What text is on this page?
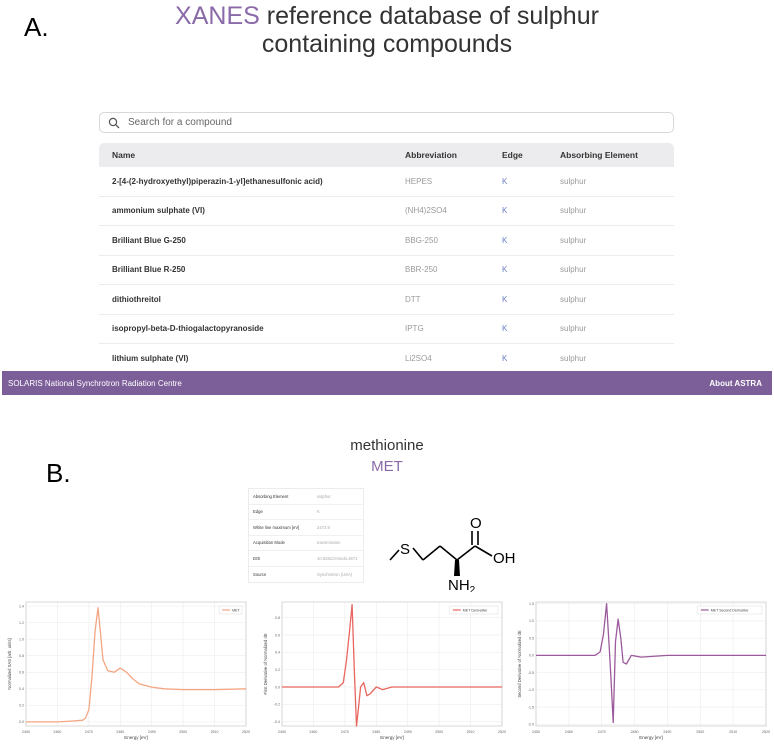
A.
B.
XANES reference database of sulphur
containing compounds
Search for a compound
Name	Abbreviation	Edge	Absorbing Element
2-[4-(2-hydroxyethyl)piperazin-1-yl]ethanesulfonic acid)	HEPES	K	sulphur
ammonium sulphate (VI)	(NH4)2SO4	K	sulphur
Brilliant Blue G-250	BBG-250	K	sulphur
Brilliant Blue R-250	BBR-250	K	sulphur
dithiothreitol	DTT	K	sulphur
isopropyl-beta-D-thiogalactopyranoside	IPTG	K	sulphur
lithium sulphate (VI)	Li2SO4	K	sulphur
SOLARIS National Synchrotron Radiation Centre	About ASTRA
methionine
MET
Absorbing Element	sulphur
Edge	K
White line maximum [eV]	2472.9
Acquisition Mode	transmission
DOI	10.5281/zenodo.4671
Source	Synchrotron (USA)
S
O
OH
$NH_2$
2450	2460	2470	2480	2490	2500	2510	2520
0.0
0.2
0.4
0.6
0.8
1.0
1.2
1.4
Energy [eV]
Normalized XAS [arb. units]
MET
2450	2460	2470	2480	2490	2500	2510	2520
-0.4
-0.2
0.0
0.2
0.4
0.6
0.8
Energy [eV]
First Derivative of Normalized dE
MET Derivative
2450	2460	2470	2480	2490	2500	2510	2520
-2.0
-1.5
-1.0
-0.5
0.0
0.5
1.0
1.5
Energy [eV]
Second Derivative of Normalized dE
MET Second Derivative
